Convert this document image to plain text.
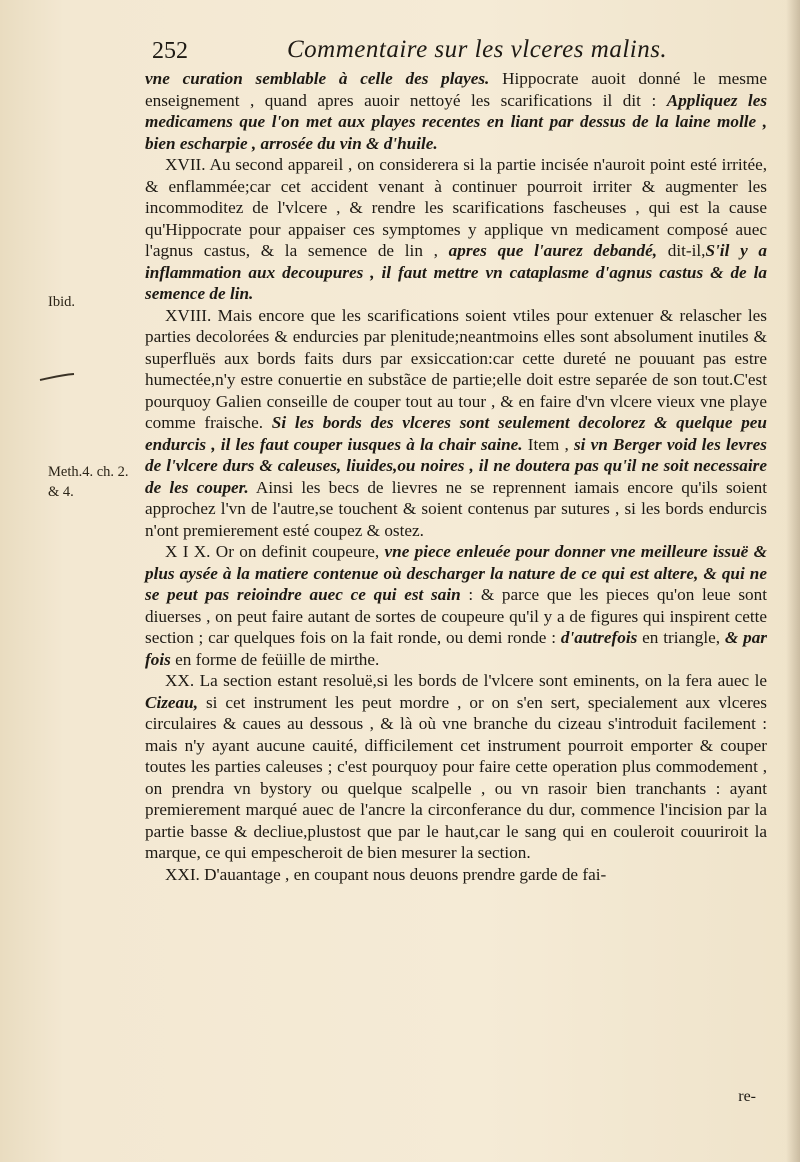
252	Commentaire sur les vlceres malins.
Ibid.
Meth.4. ch. 2. & 4.

vne curation semblable à celle des playes. Hippocrate auoit donné le mesme enseignement , quand apres auoir nettoyé les scarifications il dit : Appliquez les medicamens que l'on met aux playes recentes en liant par dessus de la laine molle , bien escharpie , arrosée du vin & d'huile.

XVII. Au second appareil , on considerera si la partie incisée n'auroit point esté irritée, & enflammée;car cet accident venant à continuer pourroit irriter & augmenter les incommoditez de l'vlcere , & rendre les scarifications fascheuses , qui est la cause qu'Hippocrate pour appaiser ces symptomes y applique vn medicament composé auec l'agnus castus, & la semence de lin , apres que l'aurez debandé, dit-il,S'il y a inflammation aux decoupures , il faut mettre vn cataplasme d'agnus castus & de la semence de lin.

XVIII. Mais encore que les scarifications soient vtiles pour extenuer & relascher les parties decolorées & endurcies par plenitude;neantmoins elles sont absolument inutiles & superfluës aux bords faits durs par exsiccation:car cette dureté ne pouuant pas estre humectée,n'y estre conuertie en substãce de partie;elle doit estre separée de son tout.C'est pourquoy Galien conseille de couper tout au tour , & en faire d'vn vlcere vieux vne playe comme fraische. Si les bords des vlceres sont seulement decolorez & quelque peu endurcis , il les faut couper iusques à la chair saine. Item , si vn Berger void les levres de l'vlcere durs & caleuses, liuides,ou noires , il ne doutera pas qu'il ne soit necessaire de les couper. Ainsi les becs de lievres ne se reprennent iamais encore qu'ils soient approchez l'vn de l'autre,se touchent & soient contenus par sutures , si les bords endurcis n'ont premierement esté coupez & ostez.

X I X. Or on definit coupeure, vne piece enleuée pour donner vne meilleure issuë & plus aysée à la matiere contenue où descharger la nature de ce qui est altere, & qui ne se peut pas reioindre auec ce qui est sain : & parce que les pieces qu'on leue sont diuerses , on peut faire autant de sortes de coupeure qu'il y a de figures qui inspirent cette section ; car quelques fois on la fait ronde, ou demi ronde : d'autrefois en triangle, & par fois en forme de feüille de mirthe.

XX. La section estant resoluë,si les bords de l'vlcere sont eminents, on la fera auec le Cizeau, si cet instrument les peut mordre , or on s'en sert, specialement aux vlceres circulaires & caues au dessous , & là où vne branche du cizeau s'introduit facilement : mais n'y ayant aucune cauité, difficilement cet instrument pourroit emporter & couper toutes les parties caleuses ; c'est pourquoy pour faire cette operation plus commodement , on prendra vn bystory ou quelque scalpelle , ou vn rasoir bien tranchants : ayant premierement marqué auec de l'ancre la circonferance du dur, commence l'incision par la partie basse & decliue,plustost que par le haut,car le sang qui en couleroit couuriroit la marque, ce qui empescheroit de bien mesurer la section.

XXI. D'auantage , en coupant nous deuons prendre garde de fai-

re-
